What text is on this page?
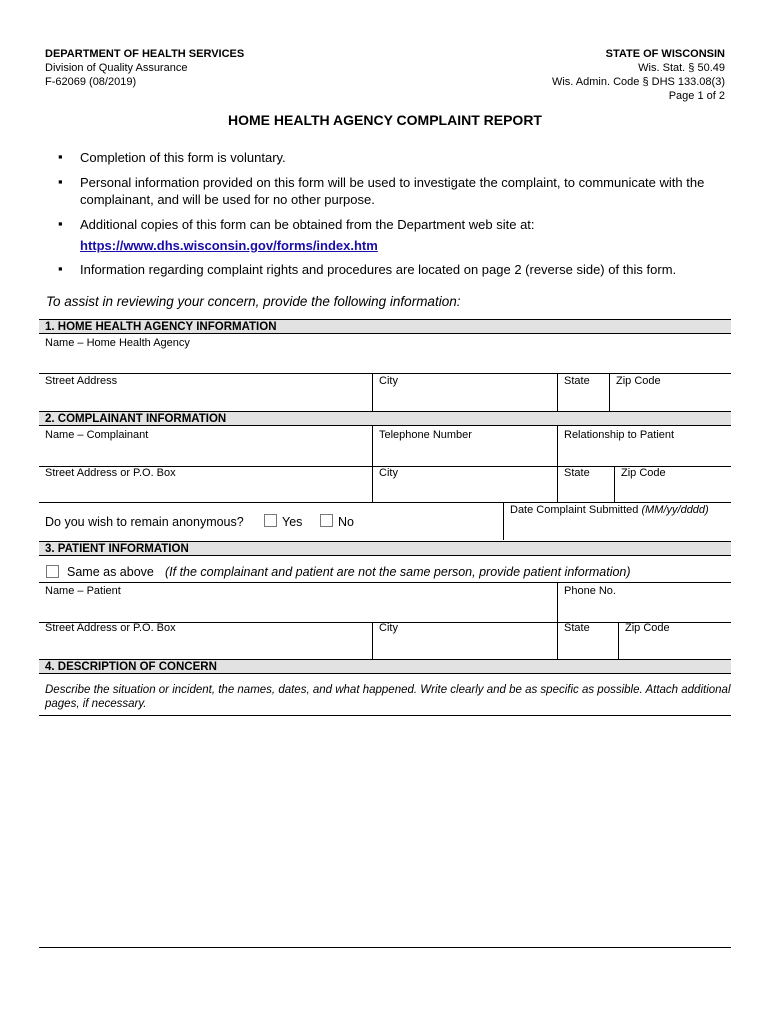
DEPARTMENT OF HEALTH SERVICES
Division of Quality Assurance
F-62069 (08/2019)
STATE OF WISCONSIN
Wis. Stat. § 50.49
Wis. Admin. Code § DHS 133.08(3)
Page 1 of 2
HOME HEALTH AGENCY COMPLAINT REPORT
▪ Completion of this form is voluntary.
▪ Personal information provided on this form will be used to investigate the complaint, to communicate with the complainant, and will be used for no other purpose.
▪ Additional copies of this form can be obtained from the Department web site at:
https://www.dhs.wisconsin.gov/forms/index.htm
▪ Information regarding complaint rights and procedures are located on page 2 (reverse side) of this form.
To assist in reviewing your concern, provide the following information:
1. HOME HEALTH AGENCY INFORMATION
Name – Home Health Agency
Street Address	City	State Zip Code
2. COMPLAINANT INFORMATION
Name – Complainant	Telephone Number	Relationship to Patient
Street Address or P.O. Box	City	State	Zip Code
Do you wish to remain anonymous?	Yes	No
Date Complaint Submitted (MM/yy/dddd)
3. PATIENT INFORMATION
Same as above (If the complainant and patient are not the same person, provide patient information)
Name – Patient	Phone No.
Street Address or P.O. Box	City	State	Zip Code
4. DESCRIPTION OF CONCERN
Describe the situation or incident, the names, dates, and what happened. Write clearly and be as specific as possible. Attach additional pages, if necessary.
